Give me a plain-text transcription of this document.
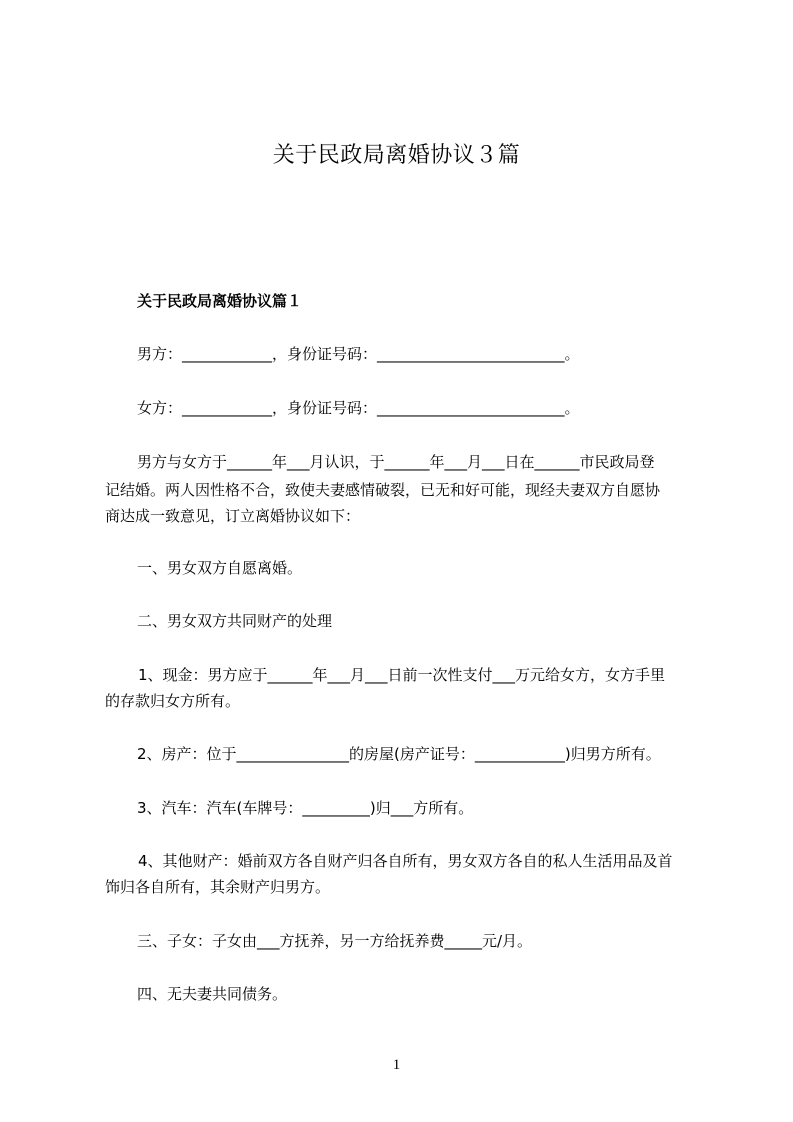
关于民政局离婚协议３篇
关于民政局离婚协议篇１
男方：____________，身份证号码：_________________________。
女方：____________，身份证号码：_________________________。
男方与女方于______年___月认识，于______年___月___日在______市民政局登
记结婚。两人因性格不合，致使夫妻感情破裂，已无和好可能，现经夫妻双方自愿协
商达成一致意见，订立离婚协议如下：
一、男女双方自愿离婚。
二、男女双方共同财产的处理
1、现金：男方应于______年___月___日前一次性支付___万元给女方，女方手里
的存款归女方所有。
2、房产：位于_______________的房屋(房产证号：____________)归男方所有。
3、汽车：汽车(车牌号：_________)归___方所有。
4、其他财产：婚前双方各自财产归各自所有，男女双方各自的私人生活用品及首
饰归各自所有，其余财产归男方。
三、子女：子女由___方抚养，另一方给抚养费_____元/月。
四、无夫妻共同债务。
1
